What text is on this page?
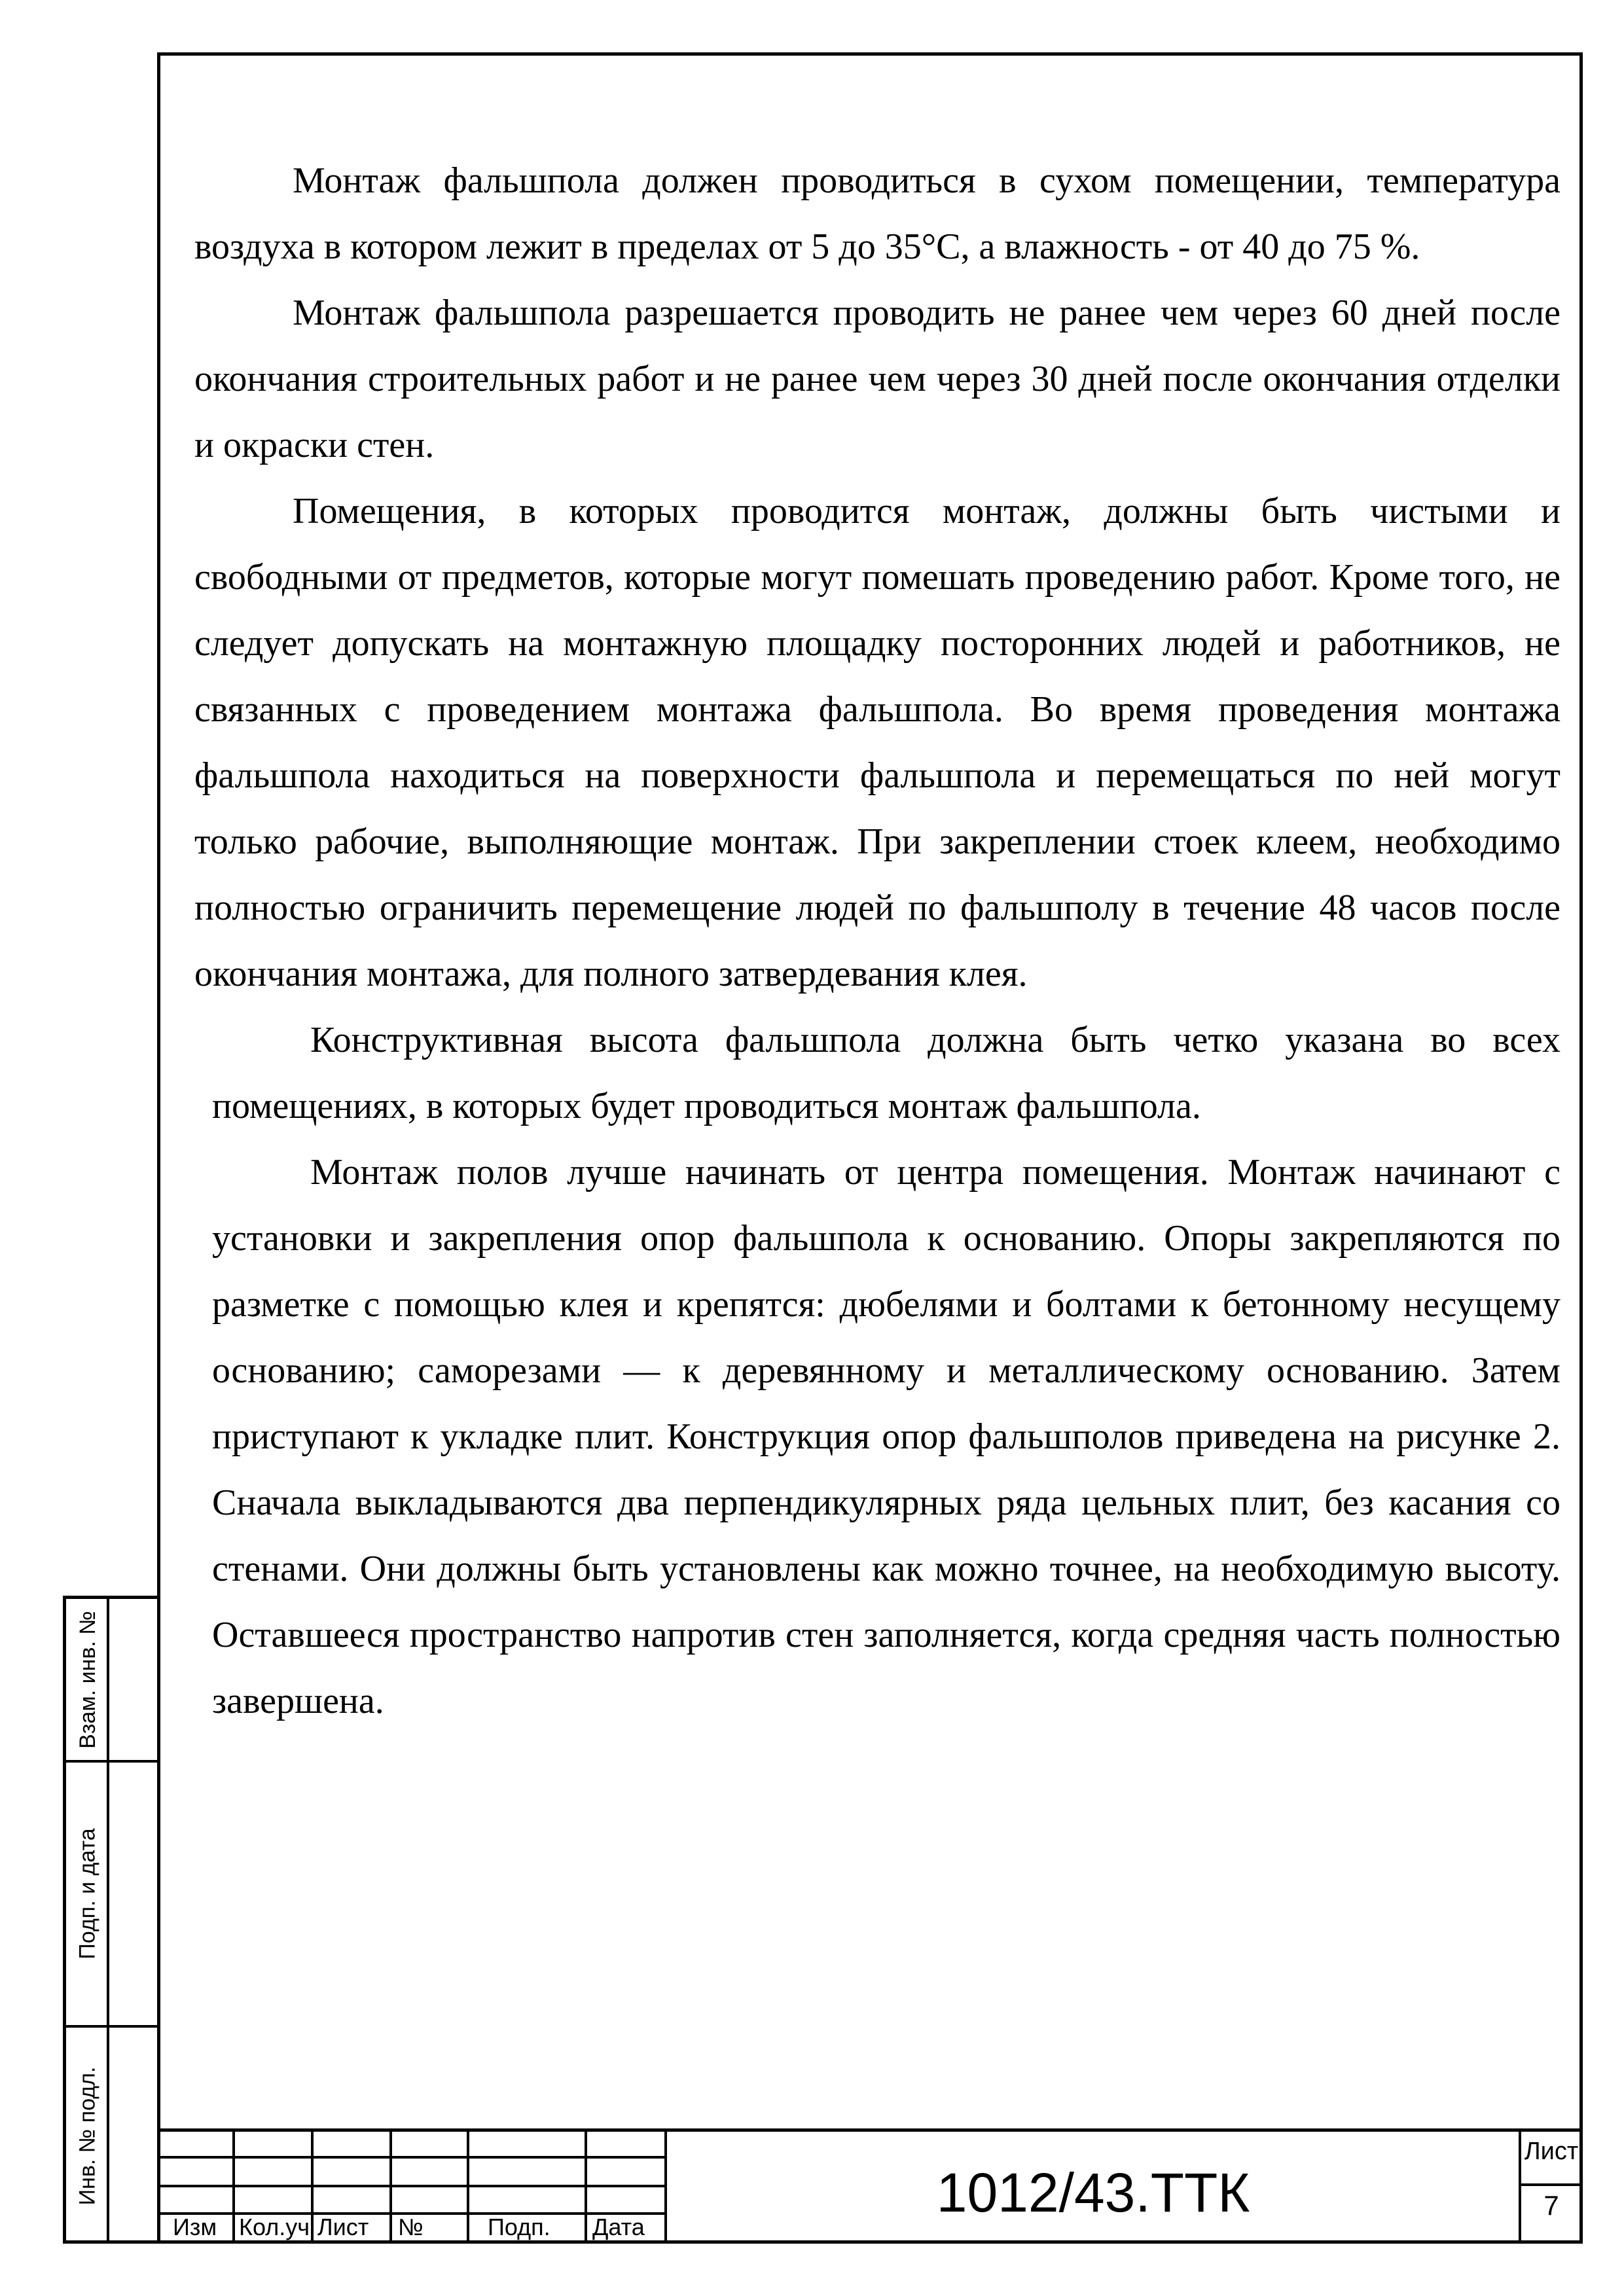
Монтаж фальшпола должен проводиться в сухом помещении, температура воздуха в котором лежит в пределах от 5 до 35°С, а влажность - от 40 до 75 %.

Монтаж фальшпола разрешается проводить не ранее чем через 60 дней после окончания строительных работ и не ранее чем через 30 дней после окончания отделки и окраски стен.

Помещения, в которых проводится монтаж, должны быть чистыми и свободными от предметов, которые могут помешать проведению работ. Кроме того, не следует допускать на монтажную площадку посторонних людей и работников, не связанных с проведением монтажа фальшпола. Во время проведения монтажа фальшпола находиться на поверхности фальшпола и перемещаться по ней могут только рабочие, выполняющие монтаж. При закреплении стоек клеем, необходимо полностью ограничить перемещение людей по фальшполу в течение 48 часов после окончания монтажа, для полного затвердевания клея.

Конструктивная высота фальшпола должна быть четко указана во всех помещениях, в которых будет проводиться монтаж фальшпола.

Монтаж полов лучше начинать от центра помещения. Монтаж начинают с установки и закрепления опор фальшпола к основанию. Опоры закрепляются по разметке с помощью клея и крепятся: дюбелями и болтами к бетонному несущему основанию; саморезами — к деревянному и металлическому основанию. Затем приступают к укладке плит. Конструкция опор фальшполов приведена на рисунке 2. Сначала выкладываются два перпендикулярных ряда цельных плит, без касания со стенами. Они должны быть установлены как можно точнее, на необходимую высоту. Оставшееся пространство напротив стен заполняется, когда средняя часть полностью завершена.

Взам. инв. №
Подп. и дата
Инв. № подл.
Изм Кол.уч Лист	№	Подп.	Дата
1012/43.ТТК
Лист
7
